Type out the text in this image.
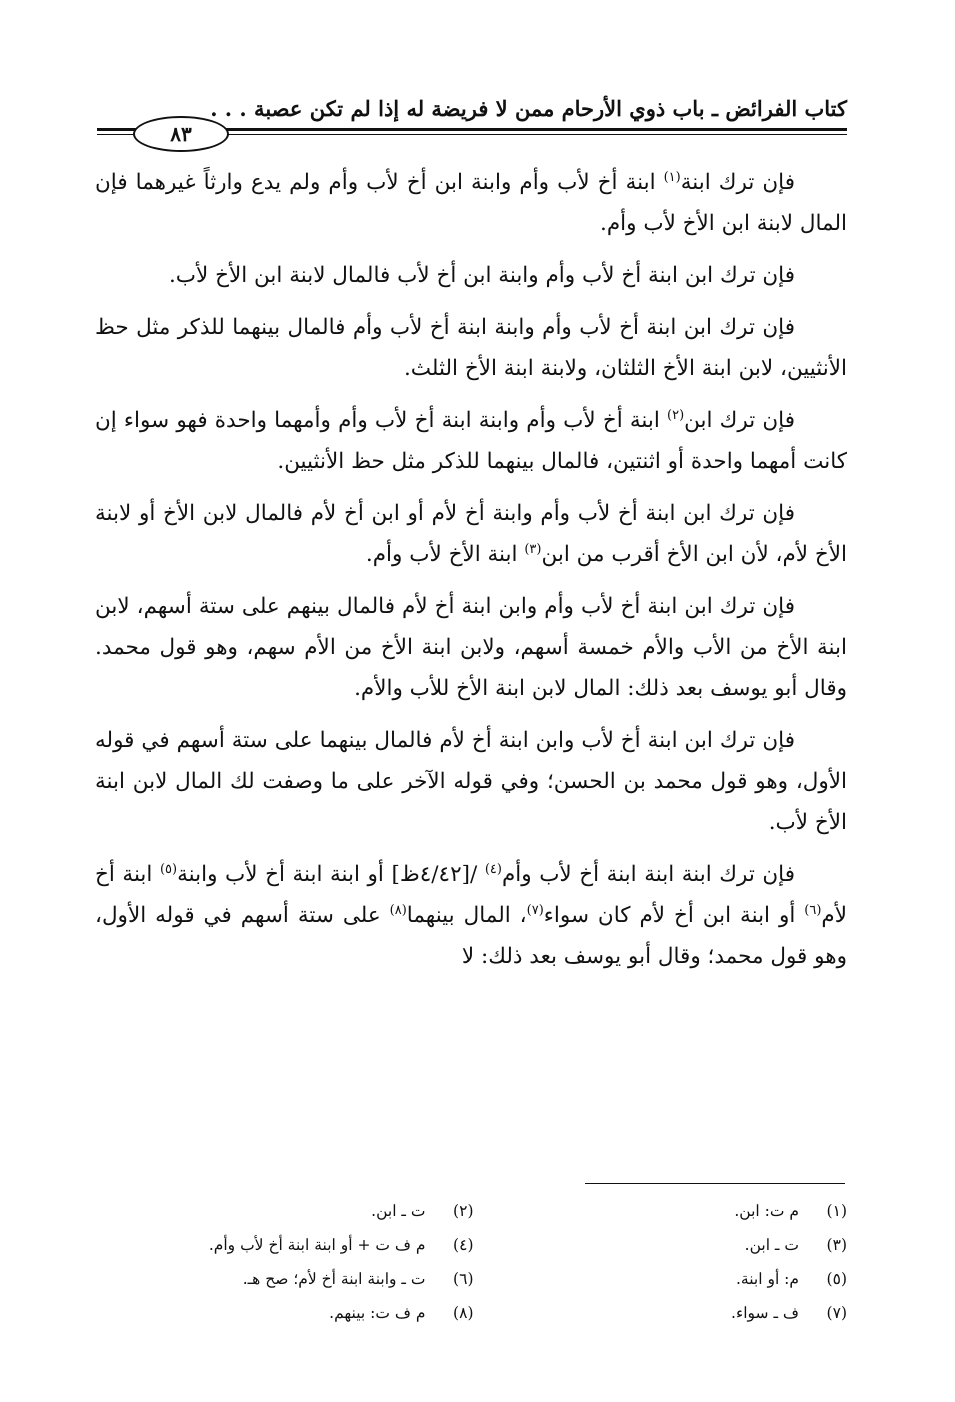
كتاب الفرائض ـ باب ذوي الأرحام ممن لا فريضة له إذا لم تكن عصبة . . .
٨٣

فإن ترك ابنة$^{(١)}$ ابنة أخ لأب وأم وابنة ابن أخ لأب وأم ولم يدع وارثاً غيرهما فإن المال لابنة ابن الأخ لأب وأم.

فإن ترك ابن ابنة أخ لأب وأم وابنة ابن أخ لأب فالمال لابنة ابن الأخ لأب.

فإن ترك ابن ابنة أخ لأب وأم وابنة ابنة أخ لأب وأم فالمال بينهما للذكر مثل حظ الأنثيين، لابن ابنة الأخ الثلثان، ولابنة ابنة الأخ الثلث.

فإن ترك ابن$^{(٢)}$ ابنة أخ لأب وأم وابنة ابنة أخ لأب وأم وأمهما واحدة فهو سواء إن كانت أمهما واحدة أو اثنتين، فالمال بينهما للذكر مثل حظ الأنثيين.

فإن ترك ابن ابنة أخ لأب وأم وابنة أخ لأم أو ابن أخ لأم فالمال لابن الأخ أو لابنة الأخ لأم، لأن ابن الأخ أقرب من ابن$^{(٣)}$ ابنة الأخ لأب وأم.

فإن ترك ابن ابنة أخ لأب وأم وابن ابنة أخ لأم فالمال بينهم على ستة أسهم، لابن ابنة الأخ من الأب والأم خمسة أسهم، ولابن ابنة الأخ من الأم سهم، وهو قول محمد. وقال أبو يوسف بعد ذلك: المال لابن ابنة الأخ للأب والأم.

فإن ترك ابن ابنة أخ لأب وابن ابنة أخ لأم فالمال بينهما على ستة أسهم في قوله الأول، وهو قول محمد بن الحسن؛ وفي قوله الآخر على ما وصفت لك المال لابن ابنة الأخ لأب.

فإن ترك ابنة ابنة ابنة أخ لأب وأم$^{(٤)}$ /[٤/٤٢ظ] أو ابنة ابنة أخ لأب وابنة$^{(٥)}$ ابنة أخ لأم$^{(٦)}$ أو ابنة ابن أخ لأم كان سواء$^{(٧)}$، المال بينهما$^{(٨)}$ على ستة أسهم في قوله الأول، وهو قول محمد؛ وقال أبو يوسف بعد ذلك: لا

(١)
م ت: ابن.
(٢)
ت ـ ابن.
(٣)
ت ـ ابن.
(٤)
م ف ت + أو ابنة ابنة أخ لأب وأم.
(٥)
م: أو ابنة.
(٦)
ت ـ وابنة ابنة أخ لأم؛ صح هـ.
(٧)
ف ـ سواء.
(٨)
م ف ت: بينهم.
